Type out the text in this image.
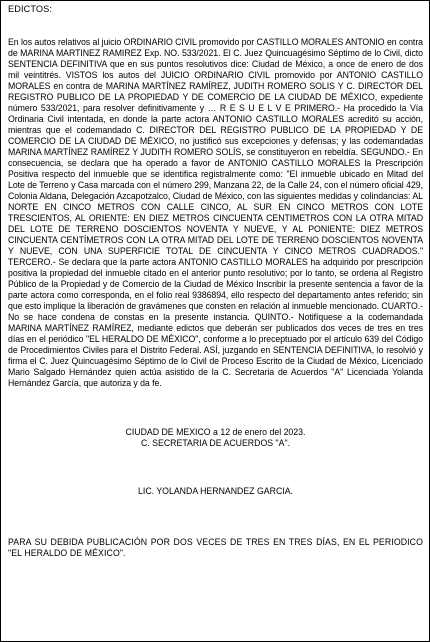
EDICTOS:

En los autos relativos al juicio ORDINARIO CIVIL promovido por CASTILLO MORALES ANTONIO en contra de MARINA MARTINEZ RAMIREZ Exp. NO. 533/2021. El C. Juez Quincuagésimo Séptimo de lo Civil, dicto SENTENCIA DEFINITIVA que en sus puntos resolutivos dice: Ciudad de México, a once de enero de dos mil veintitrés. VISTOS los autos del JUICIO ORDINARIO CIVIL promovido por ANTONIO CASTILLO MORALES en contra de MARINA MARTÍNEZ RAMÍREZ, JUDITH ROMERO SOLIS Y C. DIRECTOR DEL REGISTRO PUBLICO DE LA PROPIEDAD Y DE COMERCIO DE LA CIUDAD DE MÉXICO, expediente número 533/2021, para resolver definitivamente y … R E S U E L V E PRIMERO.- Ha procedido la Vía Ordinaria Civil intentada, en donde la parte actora ANTONIO CASTILLO MORALES acreditó su acción, mientras que el codemandado C. DIRECTOR DEL REGISTRO PUBLICO DE LA PROPIEDAD Y DE COMERCIO DE LA CIUDAD DE MÉXICO, no justificó sus excepciones y defensas; y las codemandadas MARINA MARTÍNEZ RAMÍREZ Y JUDITH ROMERO SOLÍS, se constituyeron en rebeldía. SEGUNDO.- En consecuencia, se declara que ha operado a favor de ANTONIO CASTILLO MORALES la Prescripción Positiva respecto del inmueble que se identifica registralmente como: "El inmueble ubicado en Mitad del Lote de Terreno y Casa marcada con el número 299, Manzana 22, de la Calle 24, con el número oficial 429, Colonia Aldana, Delegación Azcapotzalco, Ciudad de México, con las siguientes medidas y colindancias: AL NORTE EN CINCO METROS CON CALLE CINCO, AL SUR EN CINCO METROS CON LOTE TRESCIENTOS, AL ORIENTE: EN DIEZ METROS CINCUENTA CENTIMETROS CON LA OTRA MITAD DEL LOTE DE TERRENO DOSCIENTOS NOVENTA Y NUEVE, Y AL PONIENTE: DIEZ METROS CINCUENTA CENTÍMETROS CON LA OTRA MITAD DEL LOTE DE TERRENO DOSCIENTOS NOVENTA Y NUEVE, CON UNA SUPERFICIE TOTAL DE CINCUENTA Y CINCO METROS CUADRADOS." TERCERO.- Se declara que la parte actora ANTONIO CASTILLO MORALES ha adquirido por prescripción positiva la propiedad del inmueble citado en el anterior punto resolutivo; por lo tanto, se ordena al Registro Público de la Propiedad y de Comercio de la Ciudad de México Inscribir la presente sentencia a favor de la parte actora como corresponda, en el folio real 9386894, ello respecto del departamento antes referido; sin que esto implique la liberación de gravámenes que consten en relación al inmueble mencionado. CUARTO.- No se hace condena de constas en la presente instancia. QUINTO.- Notifíquese a la codemandada MARINA MARTÍNEZ RAMÍREZ, mediante edictos que deberán ser publicados dos veces de tres en tres días en el periódico "EL HERALDO DE MÉXICO", conforme a lo preceptuado por el artículo 639 del Código de Procedimientos Civiles para el Distrito Federal. ASÍ, juzgando en SENTENCIA DEFINITIVA, lo resolvió y firma el C. Juez Quincuagésimo Séptimo de lo Civil de Proceso Escrito de la Ciudad de México, Licenciado Mario Salgado Hernández quien actúa asistido de la C. Secretaria de Acuerdos "A" Licenciada Yolanda Hernández García, que autoriza y da fe.

CIUDAD DE MEXICO a 12 de enero del 2023.
C. SECRETARIA DE ACUERDOS "A".
LIC. YOLANDA HERNANDEZ GARCIA.
PARA SU DEBIDA PUBLICACIÓN POR DOS VECES DE TRES EN TRES DÍAS, EN EL PERIODICO "EL HERALDO DE MÉXICO".
